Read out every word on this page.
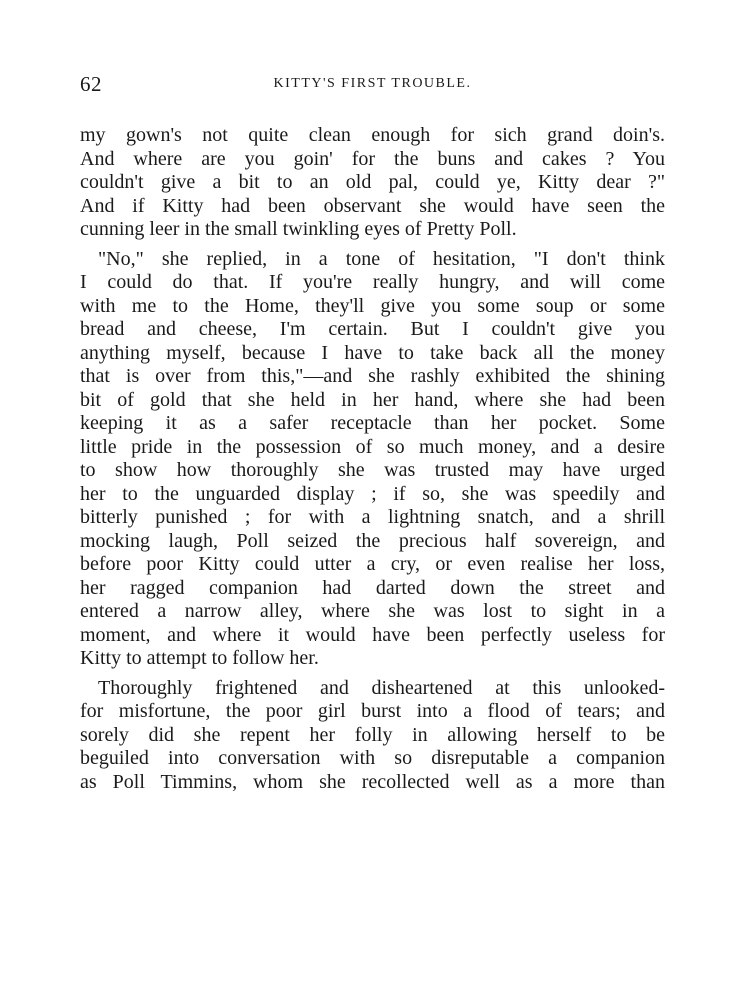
62	KITTY'S FIRST TROUBLE.
my gown's not quite clean enough for sich grand doin's.
And where are you goin' for the buns and cakes ? You
couldn't give a bit to an old pal, could ye, Kitty dear ?"
And if Kitty had been observant she would have seen the
cunning leer in the small twinkling eyes of Pretty Poll.
"No," she replied, in a tone of hesitation, "I don't think
I could do that. If you're really hungry, and will come
with me to the Home, they'll give you some soup or some
bread and cheese, I'm certain. But I couldn't give you
anything myself, because I have to take back all the money
that is over from this,"—and she rashly exhibited the shining
bit of gold that she held in her hand, where she had been
keeping it as a safer receptacle than her pocket. Some
little pride in the possession of so much money, and a desire
to show how thoroughly she was trusted may have urged
her to the unguarded display ; if so, she was speedily and
bitterly punished ; for with a lightning snatch, and a shrill
mocking laugh, Poll seized the precious half sovereign, and
before poor Kitty could utter a cry, or even realise her loss,
her ragged companion had darted down the street and
entered a narrow alley, where she was lost to sight in a
moment, and where it would have been perfectly useless for
Kitty to attempt to follow her.
Thoroughly frightened and disheartened at this unlooked-
for misfortune, the poor girl burst into a flood of tears; and
sorely did she repent her folly in allowing herself to be
beguiled into conversation with so disreputable a companion
as Poll Timmins, whom she recollected well as a more than
